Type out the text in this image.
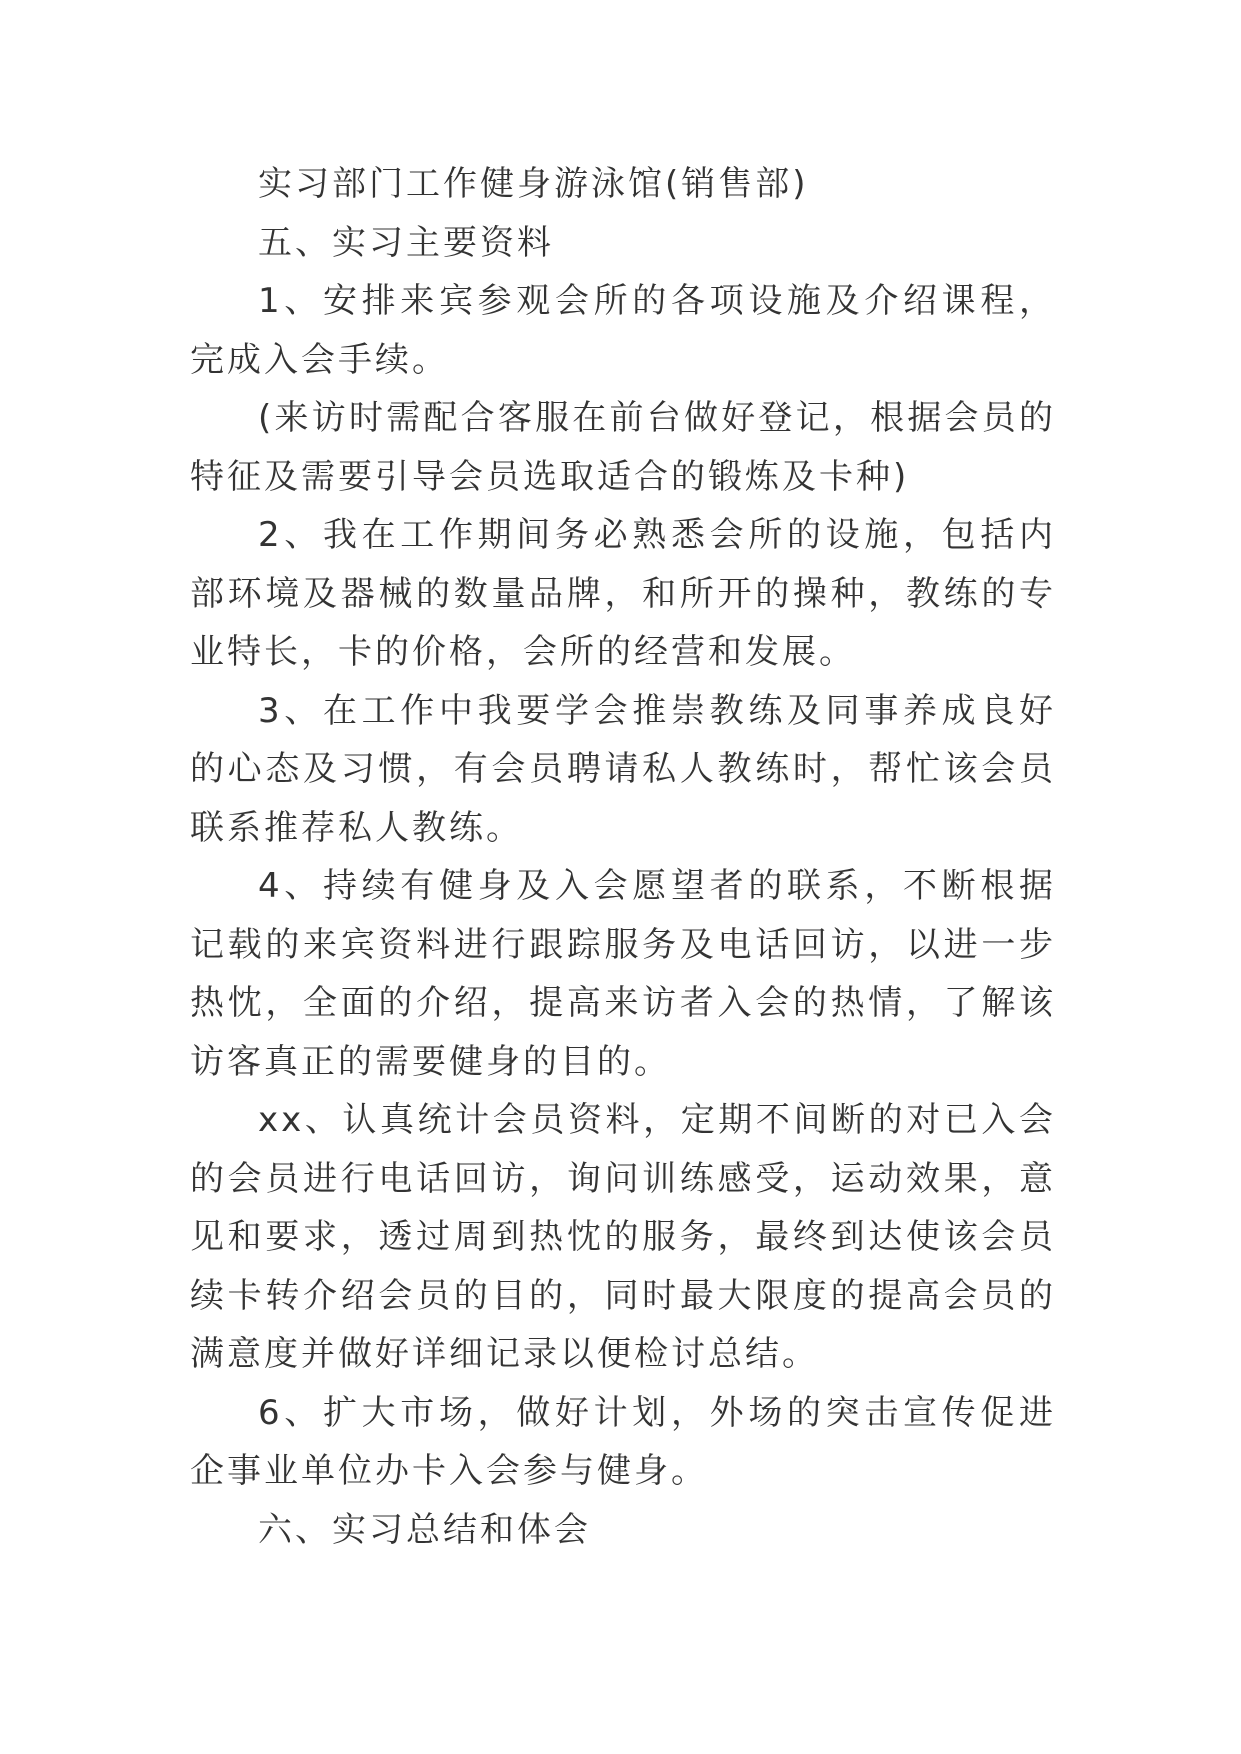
实习部门工作健身游泳馆(销售部)

五、实习主要资料

1、安排来宾参观会所的各项设施及介绍课程，完成入会手续。

(来访时需配合客服在前台做好登记，根据会员的特征及需要引导会员选取适合的锻炼及卡种)

2、我在工作期间务必熟悉会所的设施，包括内部环境及器械的数量品牌，和所开的操种，教练的专业特长，卡的价格，会所的经营和发展。

3、在工作中我要学会推崇教练及同事养成良好的心态及习惯，有会员聘请私人教练时，帮忙该会员联系推荐私人教练。

4、持续有健身及入会愿望者的联系，不断根据记载的来宾资料进行跟踪服务及电话回访，以进一步热忱，全面的介绍，提高来访者入会的热情，了解该访客真正的需要健身的目的。

xx、认真统计会员资料，定期不间断的对已入会的会员进行电话回访，询问训练感受，运动效果，意见和要求，透过周到热忱的服务，最终到达使该会员续卡转介绍会员的目的，同时最大限度的提高会员的满意度并做好详细记录以便检讨总结。

6、扩大市场，做好计划，外场的突击宣传促进企事业单位办卡入会参与健身。

六、实习总结和体会
